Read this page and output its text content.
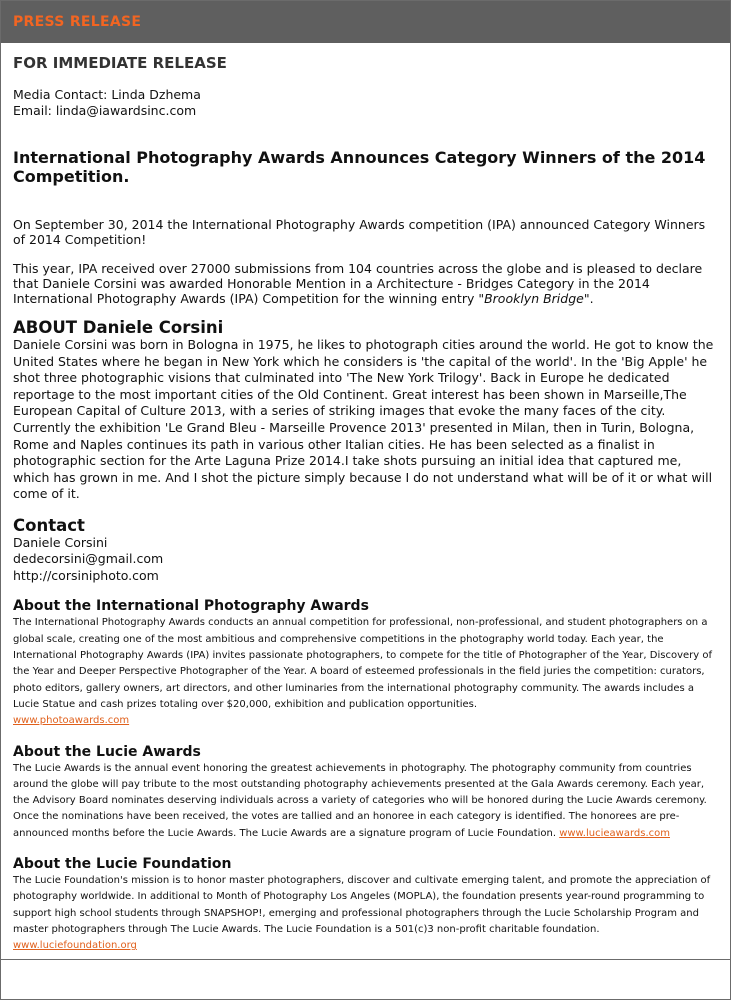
PRESS RELEASE

FOR IMMEDIATE RELEASE

Media Contact: Linda Dzhema

Email: linda@iawardsinc.com

International Photography Awards Announces Category Winners of the 2014 Competition.

On September 30, 2014 the International Photography Awards competition (IPA) announced Category Winners of 2014 Competition!

This year, IPA received over 27000 submissions from 104 countries across the globe and is pleased to declare that Daniele Corsini was awarded Honorable Mention in a Architecture - Bridges Category in the 2014 International Photography Awards (IPA) Competition for the winning entry "Brooklyn Bridge".

ABOUT Daniele Corsini

Daniele Corsini was born in Bologna in 1975, he likes to photograph cities around the world. He got to know the United States where he began in New York which he considers is 'the capital of the world'. In the 'Big Apple' he shot three photographic visions that culminated into 'The New York Trilogy'. Back in Europe he dedicated reportage to the most important cities of the Old Continent. Great interest has been shown in Marseille,The European Capital of Culture 2013, with a series of striking images that evoke the many faces of the city. Currently the exhibition 'Le Grand Bleu - Marseille Provence 2013' presented in Milan, then in Turin, Bologna, Rome and Naples continues its path in various other Italian cities. He has been selected as a finalist in photographic section for the Arte Laguna Prize 2014.I take shots pursuing an initial idea that captured me, which has grown in me. And I shot the picture simply because I do not understand what will be of it or what will come of it.

Contact

Daniele Corsini

dedecorsini@gmail.com

http://corsiniphoto.com

About the International Photography Awards

The International Photography Awards conducts an annual competition for professional, non-professional, and student photographers on a global scale, creating one of the most ambitious and comprehensive competitions in the photography world today. Each year, the International Photography Awards (IPA) invites passionate photographers, to compete for the title of Photographer of the Year, Discovery of the Year and Deeper Perspective Photographer of the Year. A board of esteemed professionals in the field juries the competition: curators, photo editors, gallery owners, art directors, and other luminaries from the international photography community. The awards includes a Lucie Statue and cash prizes totaling over $20,000, exhibition and publication opportunities.
www.photoawards.com

About the Lucie Awards

The Lucie Awards is the annual event honoring the greatest achievements in photography. The photography community from countries around the globe will pay tribute to the most outstanding photography achievements presented at the Gala Awards ceremony. Each year, the Advisory Board nominates deserving individuals across a variety of categories who will be honored during the Lucie Awards ceremony. Once the nominations have been received, the votes are tallied and an honoree in each category is identified. The honorees are pre-announced months before the Lucie Awards. The Lucie Awards are a signature program of Lucie Foundation. www.lucieawards.com

About the Lucie Foundation

The Lucie Foundation's mission is to honor master photographers, discover and cultivate emerging talent, and promote the appreciation of photography worldwide. In additional to Month of Photography Los Angeles (MOPLA), the foundation presents year-round programming to support high school students through SNAPSHOP!, emerging and professional photographers through the Lucie Scholarship Program and master photographers through The Lucie Awards. The Lucie Foundation is a 501(c)3 non-profit charitable foundation. www.luciefoundation.org
